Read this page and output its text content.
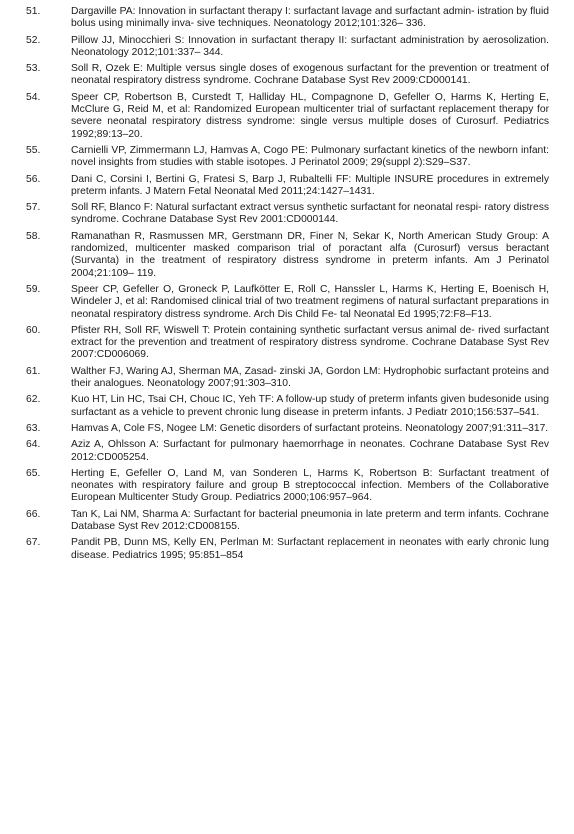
51.	Dargaville PA: Innovation in surfactant therapy I: surfactant lavage and surfactant admin- istration by fluid bolus using minimally inva- sive techniques. Neonatology 2012;101:326– 336.
52.	Pillow JJ, Minocchieri S: Innovation in surfactant therapy II: surfactant administration by aerosolization. Neonatology 2012;101:337– 344.
53.	Soll R, Ozek E: Multiple versus single doses of exogenous surfactant for the prevention or treatment of neonatal respiratory distress syndrome. Cochrane Database Syst Rev 2009:CD000141.
54.	Speer CP, Robertson B, Curstedt T, Halliday HL, Compagnone D, Gefeller O, Harms K, Herting E, McClure G, Reid M, et al: Randomized European multicenter trial of surfactant replacement therapy for severe neonatal respiratory distress syndrome: single versus multiple doses of Curosurf. Pediatrics 1992;89:13–20.
55.	Carnielli VP, Zimmermann LJ, Hamvas A, Cogo PE: Pulmonary surfactant kinetics of the newborn infant: novel insights from studies with stable isotopes. J Perinatol 2009; 29(suppl 2):S29–S37.
56.	Dani C, Corsini I, Bertini G, Fratesi S, Barp J, Rubaltelli FF: Multiple INSURE procedures in extremely preterm infants. J Matern Fetal Neonatal Med 2011;24:1427–1431.
57.	Soll RF, Blanco F: Natural surfactant extract versus synthetic surfactant for neonatal respi- ratory distress syndrome. Cochrane Database Syst Rev 2001:CD000144.
58.	Ramanathan R, Rasmussen MR, Gerstmann DR, Finer N, Sekar K, North American Study Group: A randomized, multicenter masked comparison trial of poractant alfa (Curosurf) versus beractant (Survanta) in the treatment of respiratory distress syndrome in preterm infants. Am J Perinatol 2004;21:109– 119.
59.	Speer CP, Gefeller O, Groneck P, Laufkötter E, Roll C, Hanssler L, Harms K, Herting E, Boenisch H, Windeler J, et al: Randomised clinical trial of two treatment regimens of natural surfactant preparations in neonatal respiratory distress syndrome. Arch Dis Child Fe- tal Neonatal Ed 1995;72:F8–F13.
60.	Pfister RH, Soll RF, Wiswell T: Protein containing synthetic surfactant versus animal de- rived surfactant extract for the prevention and treatment of respiratory distress syndrome. Cochrane Database Syst Rev 2007:CD006069.
61.	Walther FJ, Waring AJ, Sherman MA, Zasad- zinski JA, Gordon LM: Hydrophobic surfactant proteins and their analogues. Neonatology 2007;91:303–310.
62.	Kuo HT, Lin HC, Tsai CH, Chouc IC, Yeh TF: A follow-up study of preterm infants given budesonide using surfactant as a vehicle to prevent chronic lung disease in preterm infants. J Pediatr 2010;156:537–541.
63.	Hamvas A, Cole FS, Nogee LM: Genetic disorders of surfactant proteins. Neonatology 2007;91:311–317.
64.	Aziz A, Ohlsson A: Surfactant for pulmonary haemorrhage in neonates. Cochrane Database Syst Rev 2012:CD005254.
65.	Herting E, Gefeller O, Land M, van Sonderen L, Harms K, Robertson B: Surfactant treatment of neonates with respiratory failure and group B streptococcal infection. Members of the Collaborative European Multicenter Study Group. Pediatrics 2000;106:957–964.
66.	Tan K, Lai NM, Sharma A: Surfactant for bacterial pneumonia in late preterm and term infants. Cochrane Database Syst Rev 2012:CD008155.
67.	Pandit PB, Dunn MS, Kelly EN, Perlman M: Surfactant replacement in neonates with early chronic lung disease. Pediatrics 1995; 95:851–854
